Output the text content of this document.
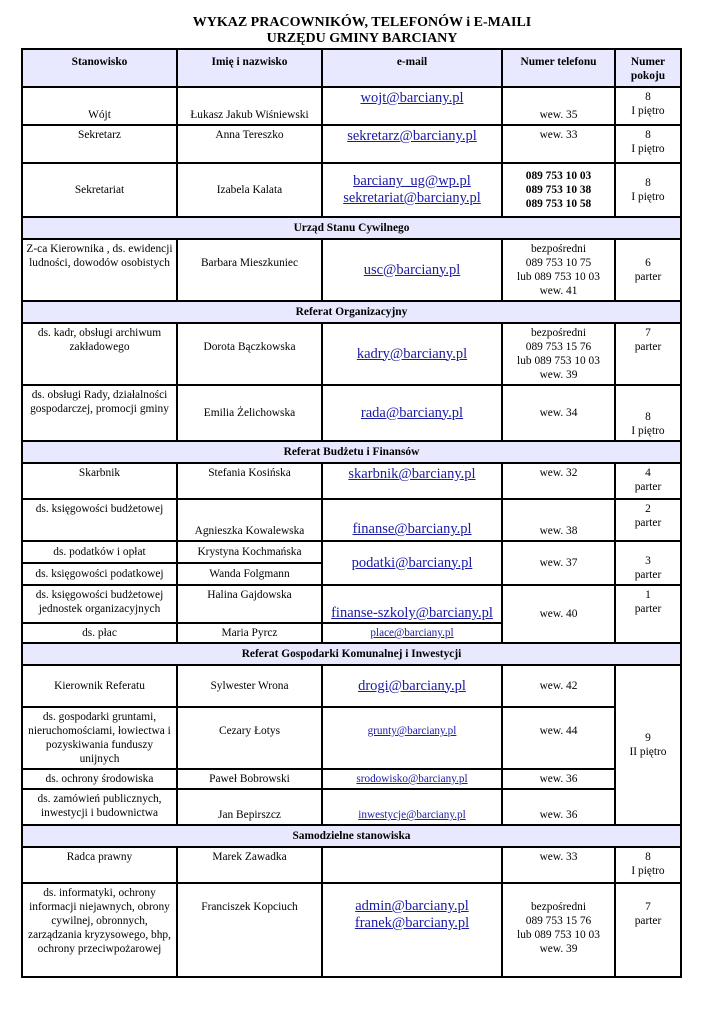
WYKAZ PRACOWNIKÓW, TELEFONÓW i E-MAILI
URZĘDU GMINY BARCIANY
Stanowisko	Imię i nazwisko	e-mail	Numer telefonu	Numer
pokoju

Wójt	Łukasz Jakub Wiśniewski	wojt@barciany.pl	wew. 35	8
I piętro

Sekretarz	Anna Tereszko	sekretarz@barciany.pl	wew. 33	8
I piętro

Sekretariat	Izabela Kalata	barciany_ug@wp.pl
sekretariat@barciany.pl	089 753 10 03
089 753 10 38
089 753 10 58	8
I piętro

Urząd Stanu Cywilnego				
Z-ca Kierownika , ds. ewidencji ludności, dowodów osobistych	Barbara Mieszkuniec	usc@barciany.pl	bezpośredni
089 753 10 75
lub 089 753 10 03
wew. 41	6
parter

Referat Organizacyjny				
ds. kadr, obsługi archiwum zakładowego	Dorota Bączkowska	kadry@barciany.pl	bezpośredni
089 753 15 76
lub 089 753 10 03
wew. 39	7
parter

ds. obsługi Rady, działalności gospodarczej, promocji gminy	Emilia Żelichowska	rada@barciany.pl	wew. 34	8
I piętro

Referat Budżetu i Finansów				
Skarbnik	Stefania Kosińska	skarbnik@barciany.pl	wew. 32	4
parter

ds. księgowości budżetowej	Agnieszka Kowalewska	finanse@barciany.pl	wew. 38	2
parter

ds. podatków i opłat	Krystyna Kochmańska	podatki@barciany.pl	wew. 37	3
parter

ds. księgowości podatkowej	Wanda Folgmann			
ds. księgowości budżetowej jednostek organizacyjnych	Halina Gajdowska	finanse-szkoly@barciany.pl	wew. 40	1
parter

ds. płac	Maria Pyrcz	place@barciany.pl		
Referat Gospodarki Komunalnej i Inwestycji				
Kierownik Referatu	Sylwester Wrona	drogi@barciany.pl	wew. 42	9
II piętro

ds. gospodarki gruntami, nieruchomościami, łowiectwa i pozyskiwania funduszy unijnych	Cezary Łotys	grunty@barciany.pl	wew. 44	
ds. ochrony środowiska	Paweł Bobrowski	srodowisko@barciany.pl	wew. 36	
ds. zamówień publicznych, inwestycji i budownictwa	Jan Bepirszcz	inwestycje@barciany.pl	wew. 36	
Samodzielne stanowiska				
Radca prawny	Marek Zawadka		wew. 33	8
I piętro

ds. informatyki, ochrony informacji niejawnych, obrony cywilnej, obronnych, zarządzania kryzysowego, bhp, ochrony przeciwpożarowej	Franciszek Kopciuch	admin@barciany.pl
franek@barciany.pl	bezpośredni
089 753 15 76
lub 089 753 10 03
wew. 39	7
parter
